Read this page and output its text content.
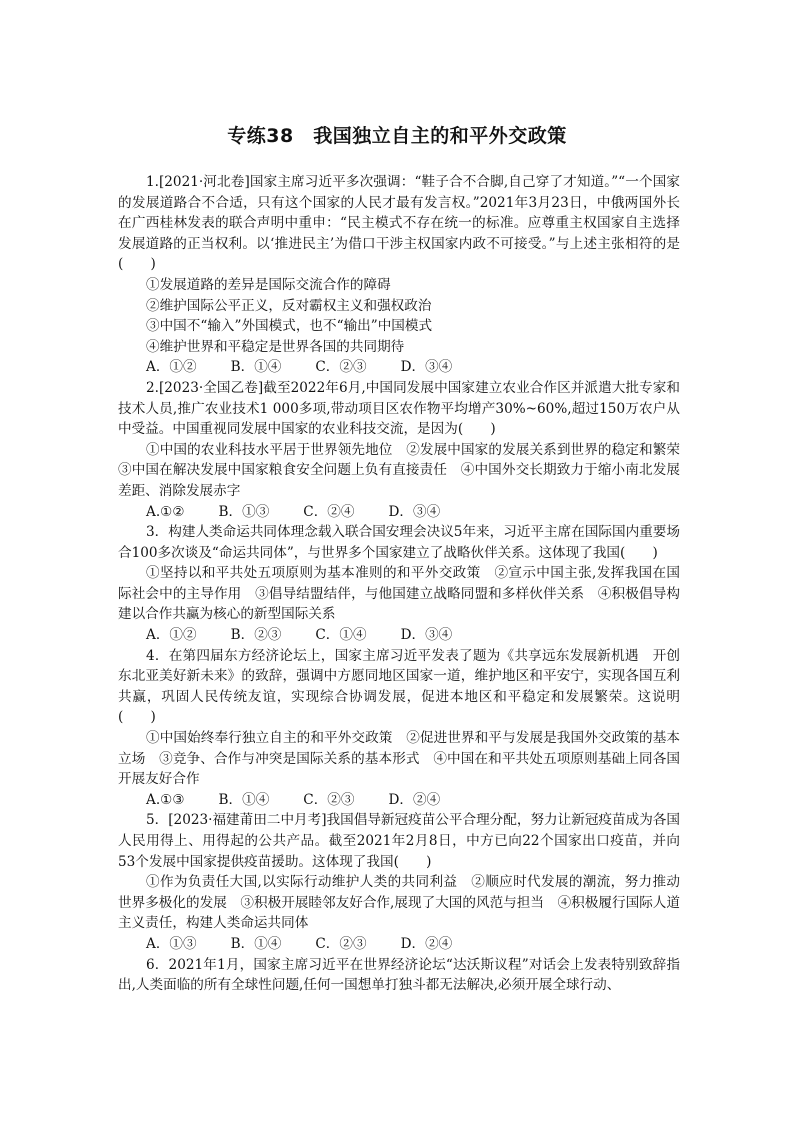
专练38　我国独立自主的和平外交政策

1.[2021·河北卷]国家主席习近平多次强调：“鞋子合不合脚,自己穿了才知道。”“一个国家的发展道路合不合适，只有这个国家的人民才最有发言权。”2021年3月23日，中俄两国外长在广西桂林发表的联合声明中重申：“民主模式不存在统一的标准。应尊重主权国家自主选择发展道路的正当权利。以‘推进民主’为借口干涉主权国家内政不可接受。”与上述主张相符的是(　　)

①发展道路的差异是国际交流合作的障碍

②维护国际公平正义，反对霸权主义和强权政治

③中国不“输入”外国模式，也不“输出”中国模式

④维护世界和平稳定是世界各国的共同期待

A．①②	B．①④	C．②③	D．③④

2.[2023·全国乙卷]截至2022年6月,中国同发展中国家建立农业合作区并派遣大批专家和技术人员,推广农业技术1 000多项,带动项目区农作物平均增产30%~60%,超过150万农户从中受益。中国重视同发展中国家的农业科技交流，是因为(　　)

①中国的农业科技水平居于世界领先地位　②发展中国家的发展关系到世界的稳定和繁荣　③中国在解决发展中国家粮食安全问题上负有直接责任　④中国外交长期致力于缩小南北发展差距、消除发展赤字

A.①②	B．①③	C．②④	D．③④

3．构建人类命运共同体理念载入联合国安理会决议5年来，习近平主席在国际国内重要场合100多次谈及“命运共同体”，与世界多个国家建立了战略伙伴关系。这体现了我国(　　)

①坚持以和平共处五项原则为基本准则的和平外交政策　②宣示中国主张,发挥我国在国际社会中的主导作用　③倡导结盟结伴，与他国建立战略同盟和多样伙伴关系　④积极倡导构建以合作共赢为核心的新型国际关系

A．①②	B．②③	C．①④	D．③④

4．在第四届东方经济论坛上，国家主席习近平发表了题为《共享远东发展新机遇　开创东北亚美好新未来》的致辞，强调中方愿同地区国家一道，维护地区和平安宁，实现各国互利共赢，巩固人民传统友谊，实现综合协调发展，促进本地区和平稳定和发展繁荣。这说明(　　)

①中国始终奉行独立自主的和平外交政策　②促进世界和平与发展是我国外交政策的基本立场　③竞争、合作与冲突是国际关系的基本形式　④中国在和平共处五项原则基础上同各国开展友好合作

A.①③	B．①④	C．②③	D．②④

5．[2023·福建莆田二中月考]我国倡导新冠疫苗公平合理分配，努力让新冠疫苗成为各国人民用得上、用得起的公共产品。截至2021年2月8日，中方已向22个国家出口疫苗，并向53个发展中国家提供疫苗援助。这体现了我国(　　)

①作为负责任大国,以实际行动维护人类的共同利益　②顺应时代发展的潮流，努力推动世界多极化的发展　③积极开展睦邻友好合作,展现了大国的风范与担当　④积极履行国际人道主义责任，构建人类命运共同体

A．①③	B．①④	C．②③	D．②④

6．2021年1月，国家主席习近平在世界经济论坛“达沃斯议程”对话会上发表特别致辞指出,人类面临的所有全球性问题,任何一国想单打独斗都无法解决,必须开展全球行动、
